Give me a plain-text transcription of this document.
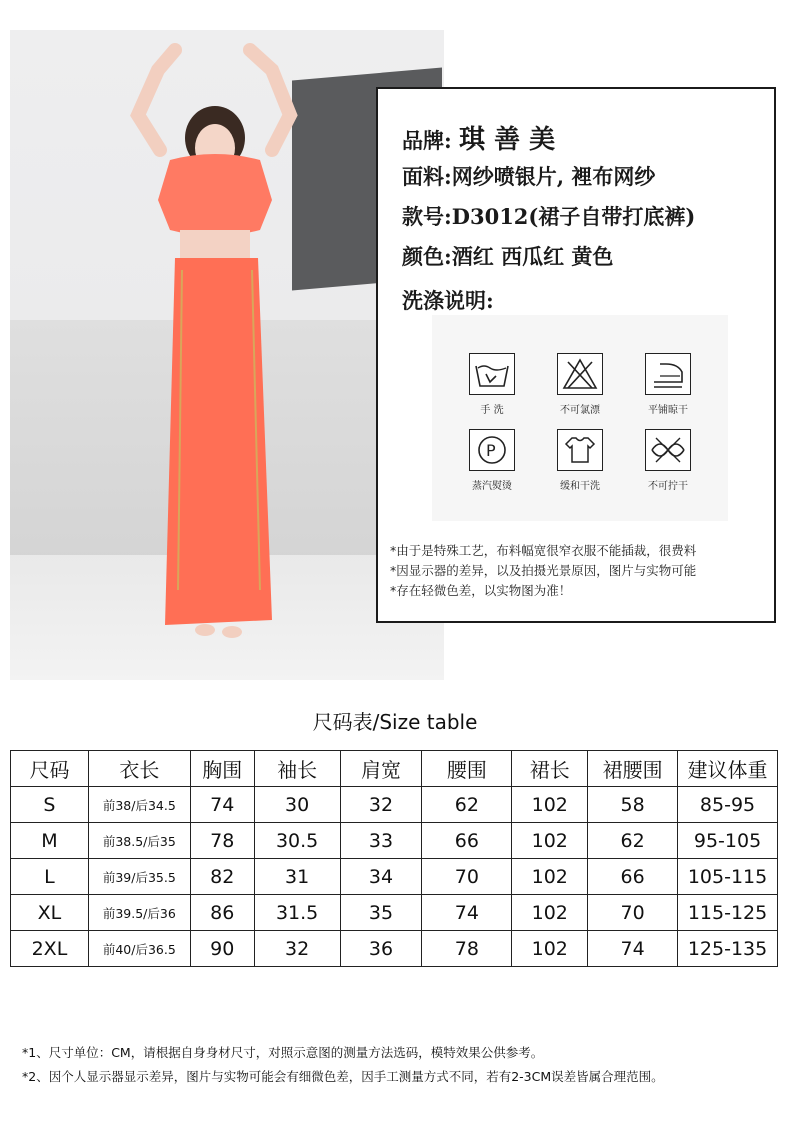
品牌: 琪 善 美
面料:网纱喷银片, 裡布网纱
款号:D3012(裙子自带打底裤)
颜色:酒红 西瓜红 黄色
洗涤说明:
手 洗	不可氯漂	平铺晾干
P
蒸汽熨烫	缓和干洗	不可拧干
*由于是特殊工艺，布料幅宽很窄衣服不能插裁，很费料
*因显示器的差异，以及拍摄光景原因，图片与实物可能
*存在轻微色差，以实物图为准！
尺码表/Size table
尺码	衣长	胸围	袖长	肩宽	腰围	裙长	裙腰围	建议体重
S	前38/后34.5	74	30	32	62	102	58	85-95
M	前38.5/后35	78	30.5	33	66	102	62	95-105
L	前39/后35.5	82	31	34	70	102	66	105-115
XL	前39.5/后36	86	31.5	35	74	102	70	115-125
2XL	前40/后36.5	90	32	36	78	102	74	125-135
*1、尺寸单位：CM，请根据自身身材尺寸，对照示意图的测量方法选码，模特效果公供参考。
*2、因个人显示器显示差异，图片与实物可能会有细微色差，因手工测量方式不同，若有2-3CM误差皆属合理范围。
